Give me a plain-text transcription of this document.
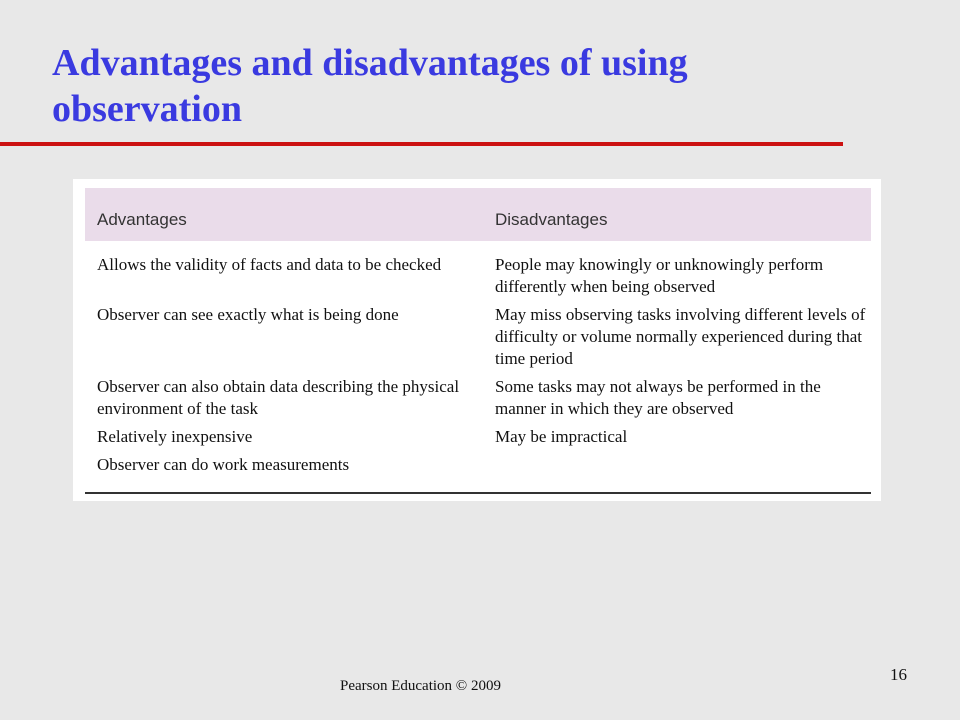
Advantages and disadvantages of using observation
Advantages	Disadvantages
Allows the validity of facts and data to be checked
Observer can see exactly what is being done
Observer can also obtain data describing the physical environment of the task
Relatively inexpensive
Observer can do work measurements
People may knowingly or unknowingly perform differently when being observed
May miss observing tasks involving different levels of difficulty or volume normally experienced during that time period
Some tasks may not always be performed in the manner in which they are observed
May be impractical
Pearson Education © 2009
16
